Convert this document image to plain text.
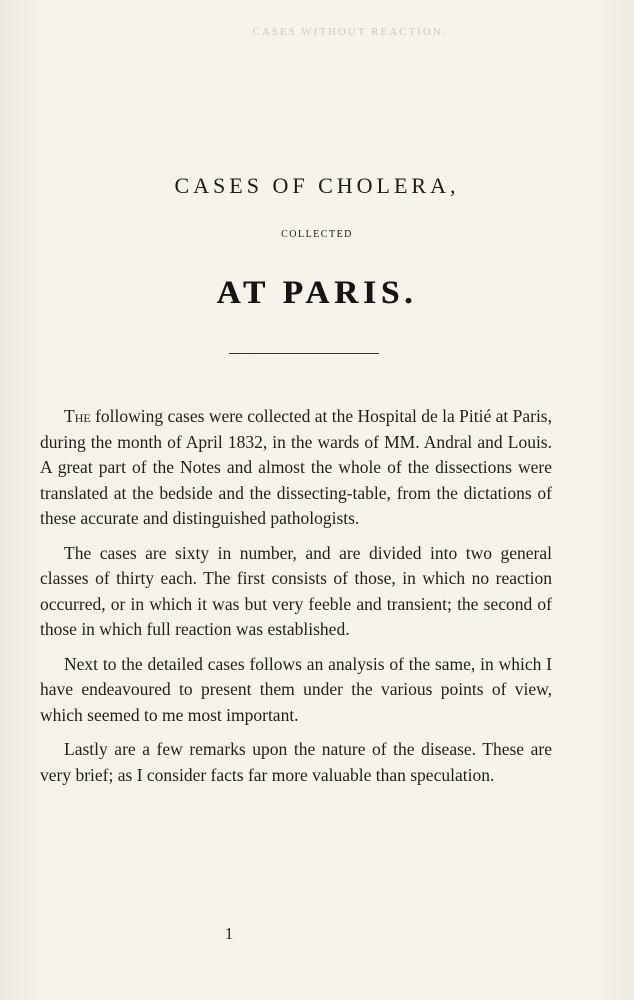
CASES WITHOUT REACTION.
CASES OF CHOLERA,
COLLECTED
AT PARIS.

The following cases were collected at the Hospital de la Pitié at Paris, during the month of April 1832, in the wards of MM. Andral and Louis. A great part of the Notes and almost the whole of the dissections were translated at the bedside and the dissecting-table, from the dictations of these accurate and distinguished pathologists.

The cases are sixty in number, and are divided into two general classes of thirty each. The first consists of those, in which no reaction occurred, or in which it was but very feeble and transient; the second of those in which full reaction was established.

Next to the detailed cases follows an analysis of the same, in which I have endeavoured to present them under the various points of view, which seemed to me most important.

Lastly are a few remarks upon the nature of the disease. These are very brief; as I consider facts far more valuable than speculation.

1
